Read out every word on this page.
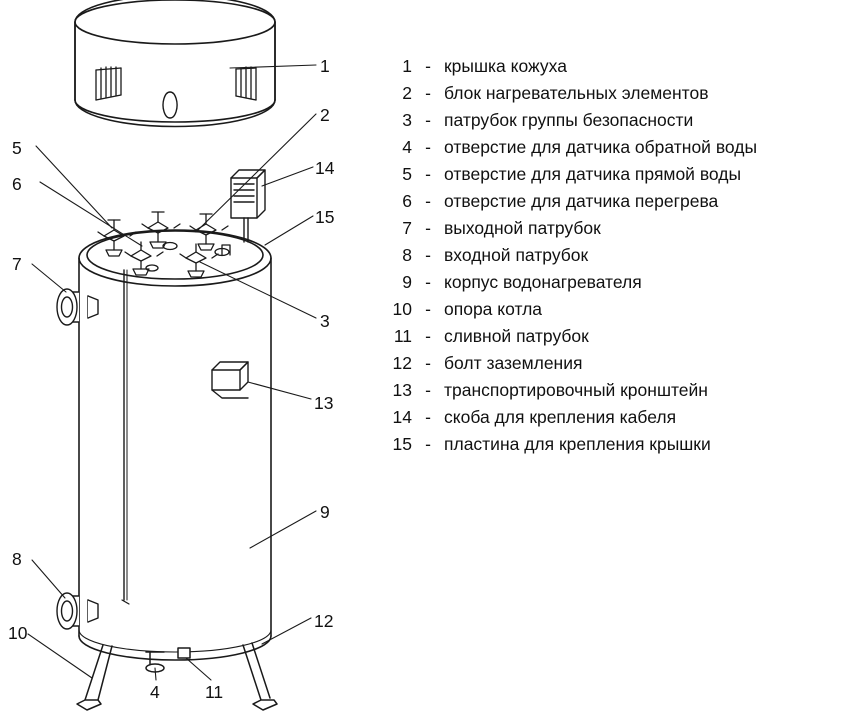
1
2
5
14
6
15
3
7
13
9
8
12
10
4	11
1 - крышка кожуха
2 - блок нагревательных элементов
3 - патрубок группы безопасности
4 - отверстие для датчика обратной воды
5 - отверстие для датчика прямой воды
6 - отверстие для датчика перегрева
7 - выходной патрубок
8 - входной патрубок
9 - корпус водонагревателя
10 - опора котла
11 - сливной патрубок
12 - болт заземления
13 - транспортировочный кронштейн
14 - скоба для крепления кабеля
15 - пластина для крепления крышки
